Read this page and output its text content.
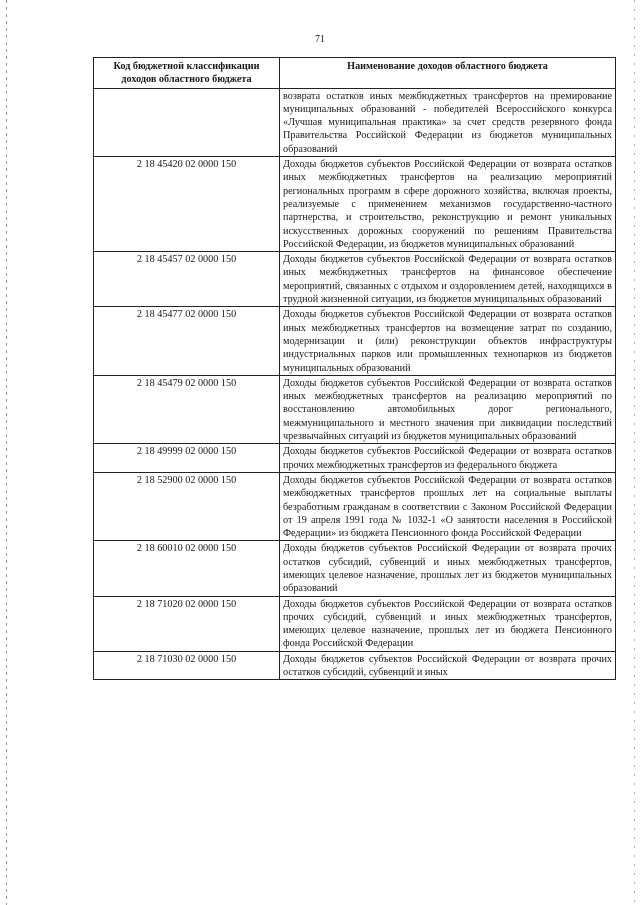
71
Код бюджетной классификации доходов областного бюджета	Наименование доходов областного бюджета
	возврата остатков иных межбюджетных трансфертов на премирование муниципальных образований - победителей Всероссийского конкурса «Лучшая муниципальная практика» за счет средств резервного фонда Правительства Российской Федерации из бюджетов муниципальных образований
2 18 45420 02 0000 150	Доходы бюджетов субъектов Российской Федерации от возврата остатков иных межбюджетных трансфертов на реализацию мероприятий региональных программ в сфере дорожного хозяйства, включая проекты, реализуемые с применением механизмов государственно-частного партнерства, и строительство, реконструкцию и ремонт уникальных искусственных дорожных сооружений по решениям Правительства Российской Федерации, из бюджетов муниципальных образований
2 18 45457 02 0000 150	Доходы бюджетов субъектов Российской Федерации от возврата остатков иных межбюджетных трансфертов на финансовое обеспечение мероприятий, связанных с отдыхом и оздоровлением детей, находящихся в трудной жизненной ситуации, из бюджетов муниципальных образований
2 18 45477 02 0000 150	Доходы бюджетов субъектов Российской Федерации от возврата остатков иных межбюджетных трансфертов на возмещение затрат по созданию, модернизации и (или) реконструкции объектов инфраструктуры индустриальных парков или промышленных технопарков из бюджетов муниципальных образований
2 18 45479 02 0000 150	Доходы бюджетов субъектов Российской Федерации от возврата остатков иных межбюджетных трансфертов на реализацию мероприятий по восстановлению автомобильных дорог регионального, межмуниципального и местного значения при ликвидации последствий чрезвычайных ситуаций из бюджетов муниципальных образований
2 18 49999 02 0000 150	Доходы бюджетов субъектов Российской Федерации от возврата остатков прочих межбюджетных трансфертов из федерального бюджета
2 18 52900 02 0000 150	Доходы бюджетов субъектов Российской Федерации от возврата остатков межбюджетных трансфертов прошлых лет на социальные выплаты безработным гражданам в соответствии с Законом Российской Федерации от 19 апреля 1991 года № 1032-1 «О занятости населения в Российской Федерации» из бюджета Пенсионного фонда Российской Федерации
2 18 60010 02 0000 150	Доходы бюджетов субъектов Российской Федерации от возврата прочих остатков субсидий, субвенций и иных межбюджетных трансфертов, имеющих целевое назначение, прошлых лет из бюджетов муниципальных образований
2 18 71020 02 0000 150	Доходы бюджетов субъектов Российской Федерации от возврата остатков прочих субсидий, субвенций и иных межбюджетных трансфертов, имеющих целевое назначение, прошлых лет из бюджета Пенсионного фонда Российской Федерации
2 18 71030 02 0000 150	Доходы бюджетов субъектов Российской Федерации от возврата прочих остатков субсидий, субвенций и иных
